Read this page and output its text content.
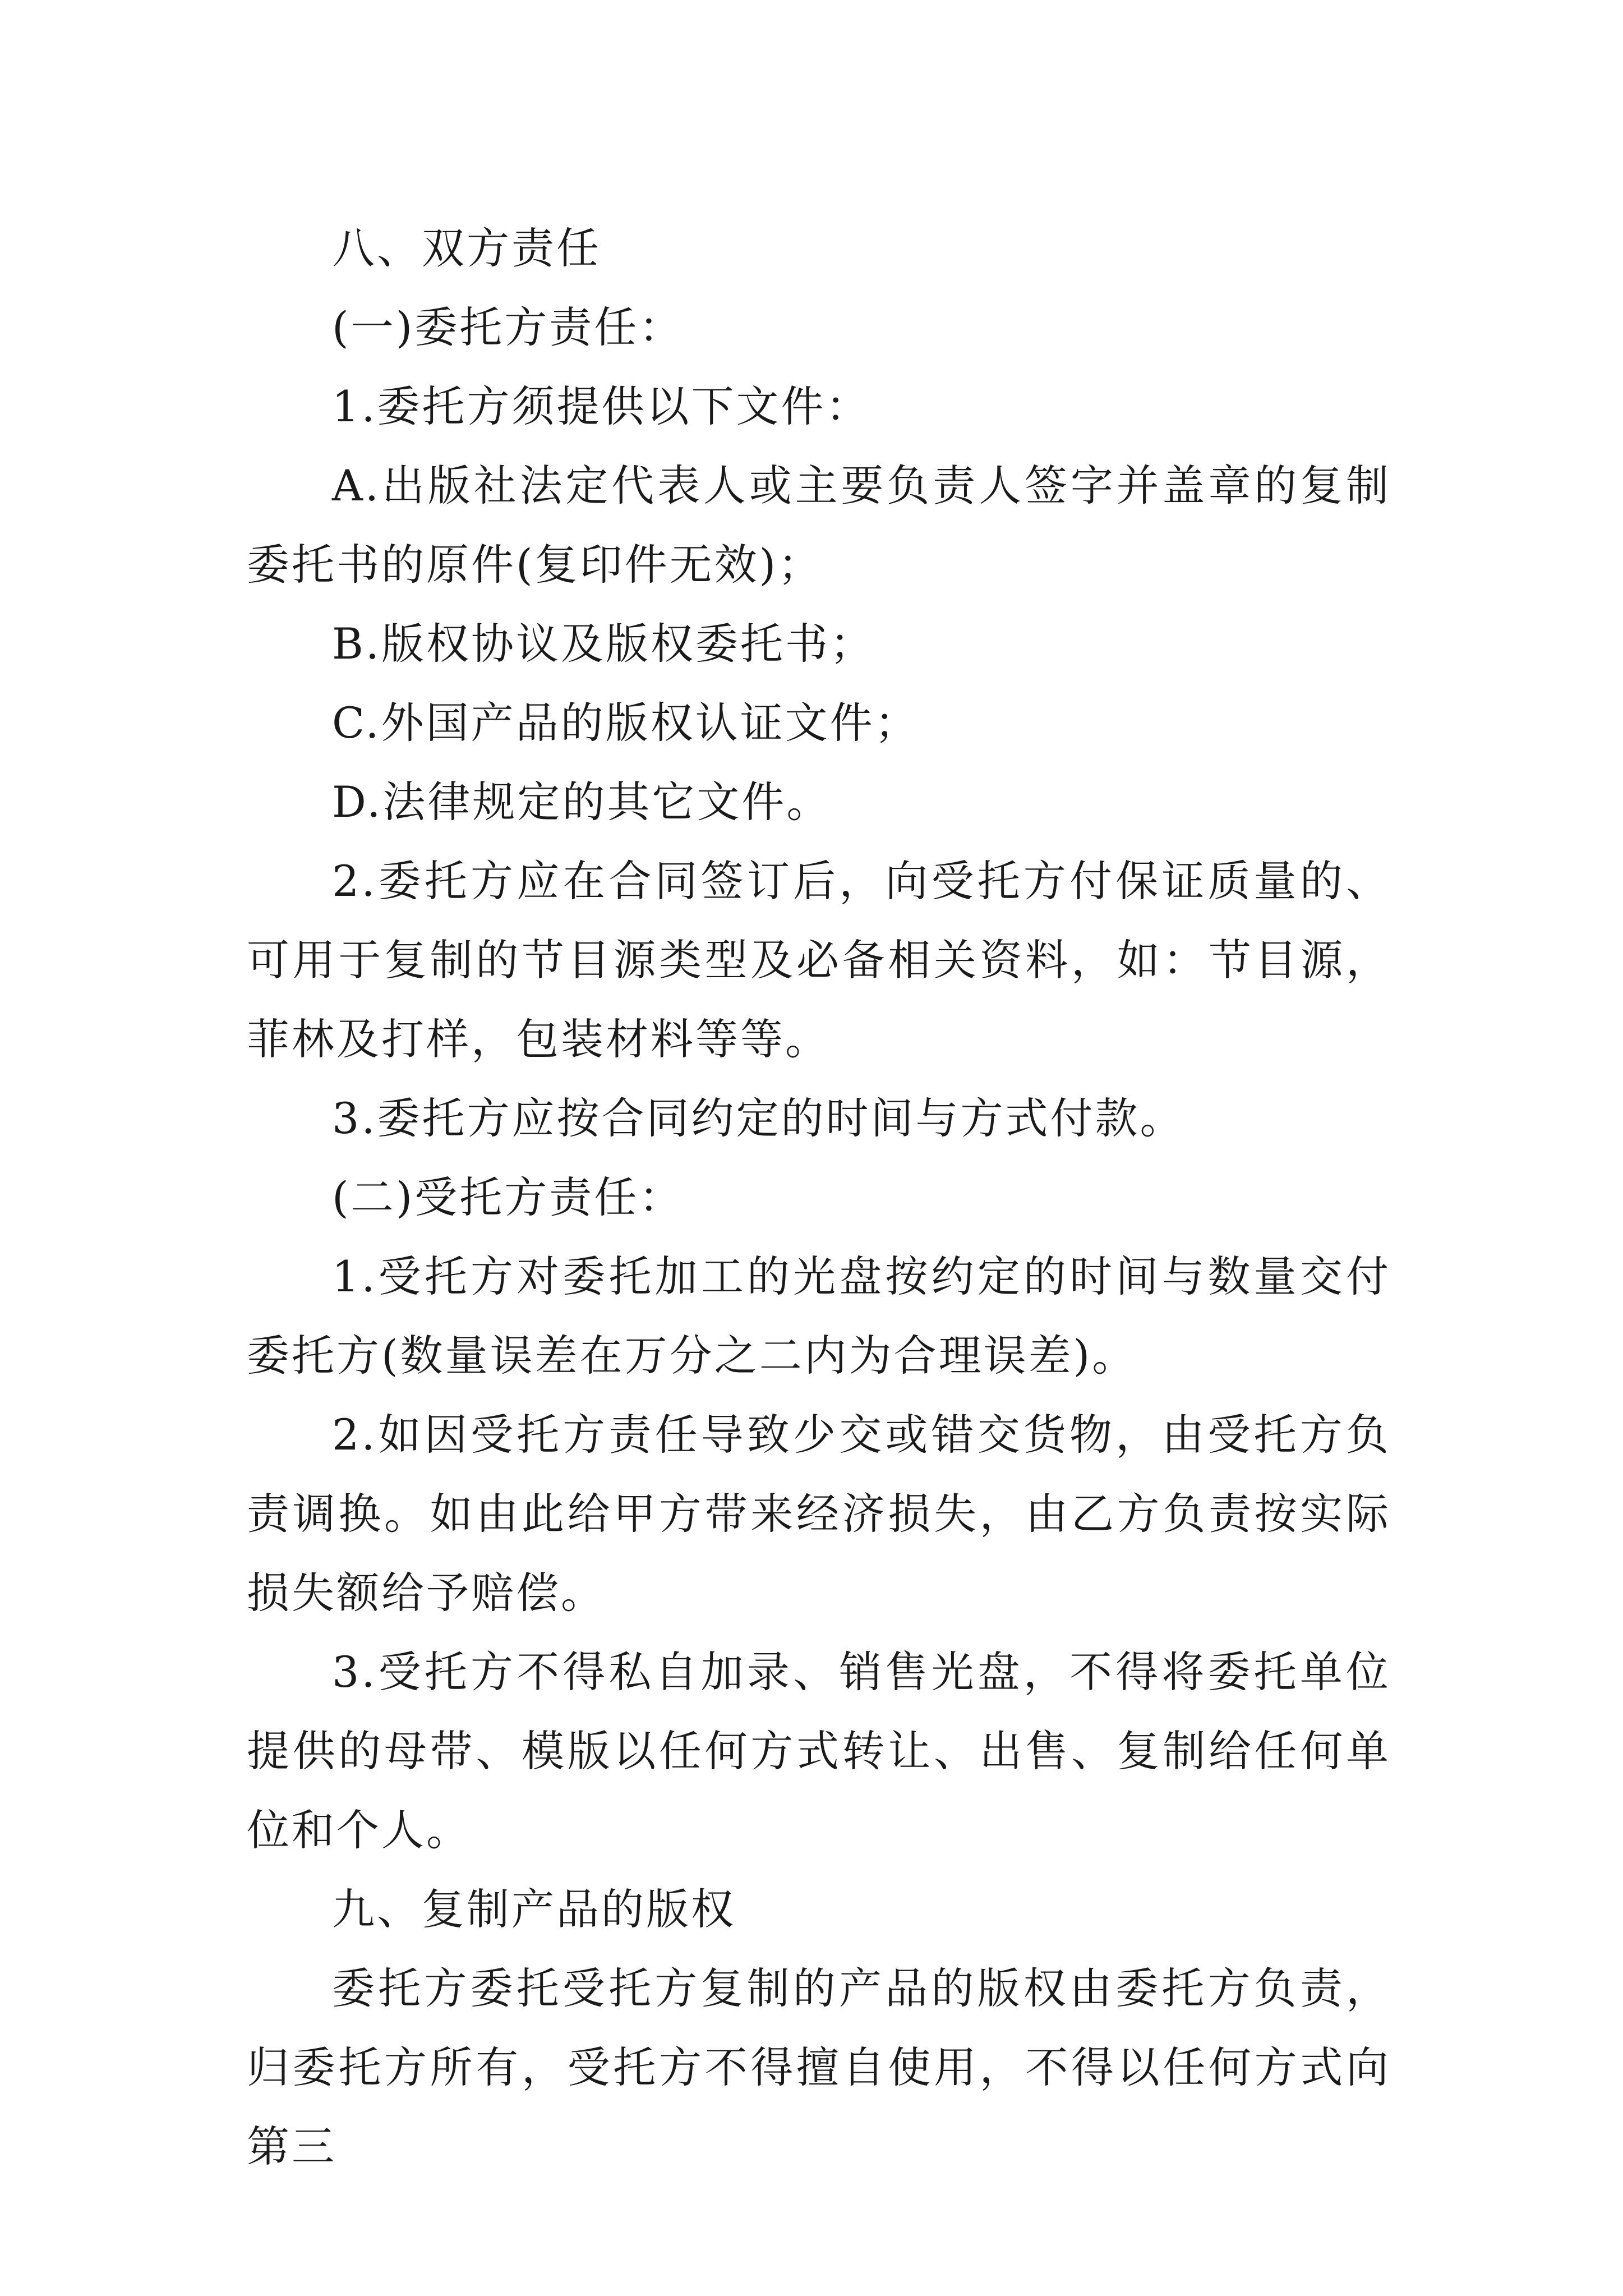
八、双方责任

(一)委托方责任：

1.委托方须提供以下文件：

A.出版社法定代表人或主要负责人签字并盖章的复制委托书的原件(复印件无效)；

B.版权协议及版权委托书；

C.外国产品的版权认证文件；

D.法律规定的其它文件。

2.委托方应在合同签订后，向受托方付保证质量的、可用于复制的节目源类型及必备相关资料，如：节目源，菲林及打样，包装材料等等。

3.委托方应按合同约定的时间与方式付款。

(二)受托方责任：

1.受托方对委托加工的光盘按约定的时间与数量交付委托方(数量误差在万分之二内为合理误差)。

2.如因受托方责任导致少交或错交货物，由受托方负责调换。如由此给甲方带来经济损失，由乙方负责按实际损失额给予赔偿。

3.受托方不得私自加录、销售光盘，不得将委托单位提供的母带、模版以任何方式转让、出售、复制给任何单位和个人。

九、复制产品的版权

委托方委托受托方复制的产品的版权由委托方负责，归委托方所有，受托方不得擅自使用，不得以任何方式向第三
